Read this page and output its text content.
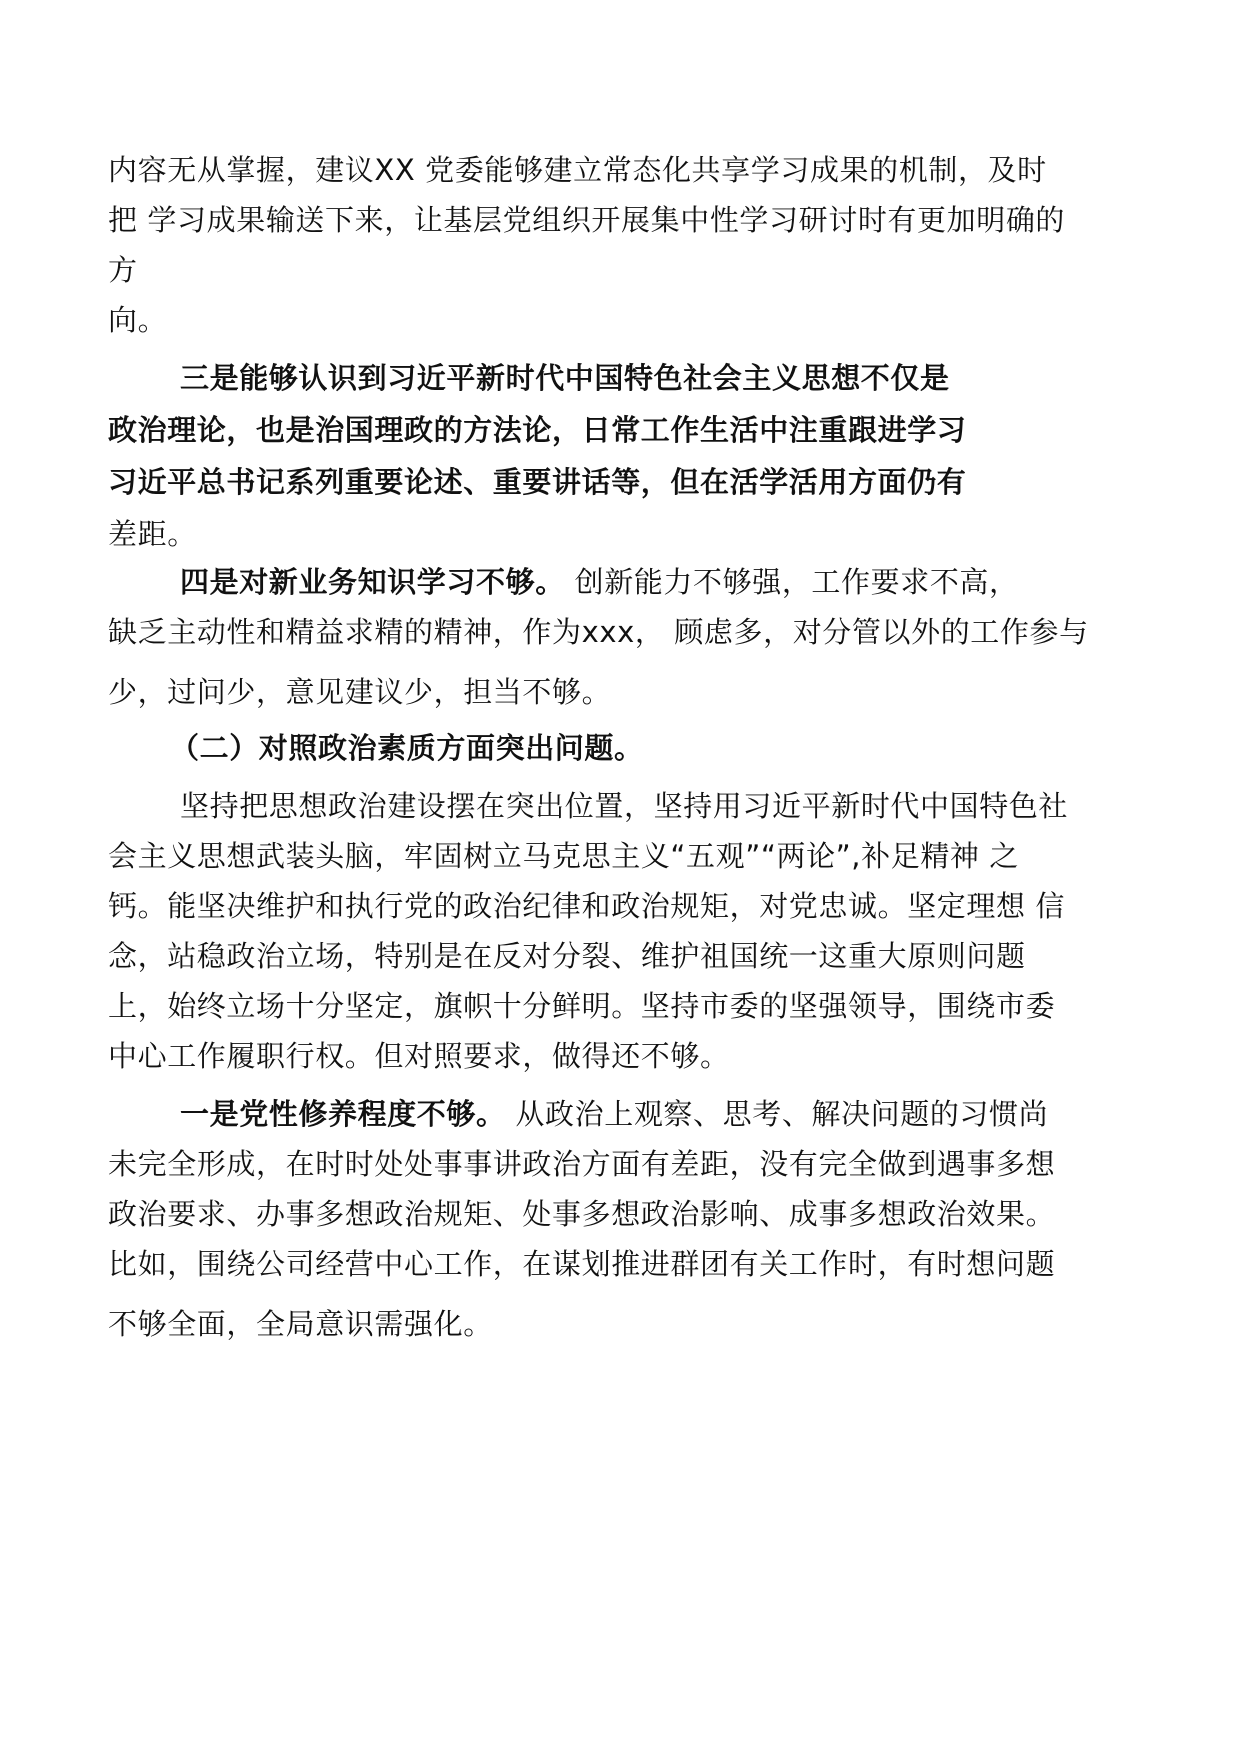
内容无从掌握，建议XX 党委能够建立常态化共享学习成果的机制，及时
把 学习成果输送下来，让基层党组织开展集中性学习研讨时有更加明确的
方
向。
三是能够认识到习近平新时代中国特色社会主义思想不仅是
政治理论，也是治国理政的方法论，日常工作生活中注重跟进学习
习近平总书记系列重要论述、重要讲话等，但在活学活用方面仍有
差距。
四是对新业务知识学习不够。 创新能力不够强，工作要求不高，
缺乏主动性和精益求精的精神，作为xxx， 顾虑多，对分管以外的工作参与
少，过问少，意见建议少，担当不够。
（二）对照政治素质方面突出问题。
坚持把思想政治建设摆在突出位置，坚持用习近平新时代中国特色社
会主义思想武装头脑，牢固树立马克思主义“五观”“两论”,补足精神 之
钙。能坚决维护和执行党的政治纪律和政治规矩，对党忠诚。坚定理想 信
念，站稳政治立场，特别是在反对分裂、维护祖国统一这重大原则问题
上，始终立场十分坚定，旗帜十分鲜明。坚持市委的坚强领导，围绕市委
中心工作履职行权。但对照要求，做得还不够。
一是党性修养程度不够。 从政治上观察、思考、解决问题的习惯尚
未完全形成，在时时处处事事讲政治方面有差距，没有完全做到遇事多想
政治要求、办事多想政治规矩、处事多想政治影响、成事多想政治效果。
比如，围绕公司经营中心工作，在谋划推进群团有关工作时，有时想问题
不够全面，全局意识需强化。
